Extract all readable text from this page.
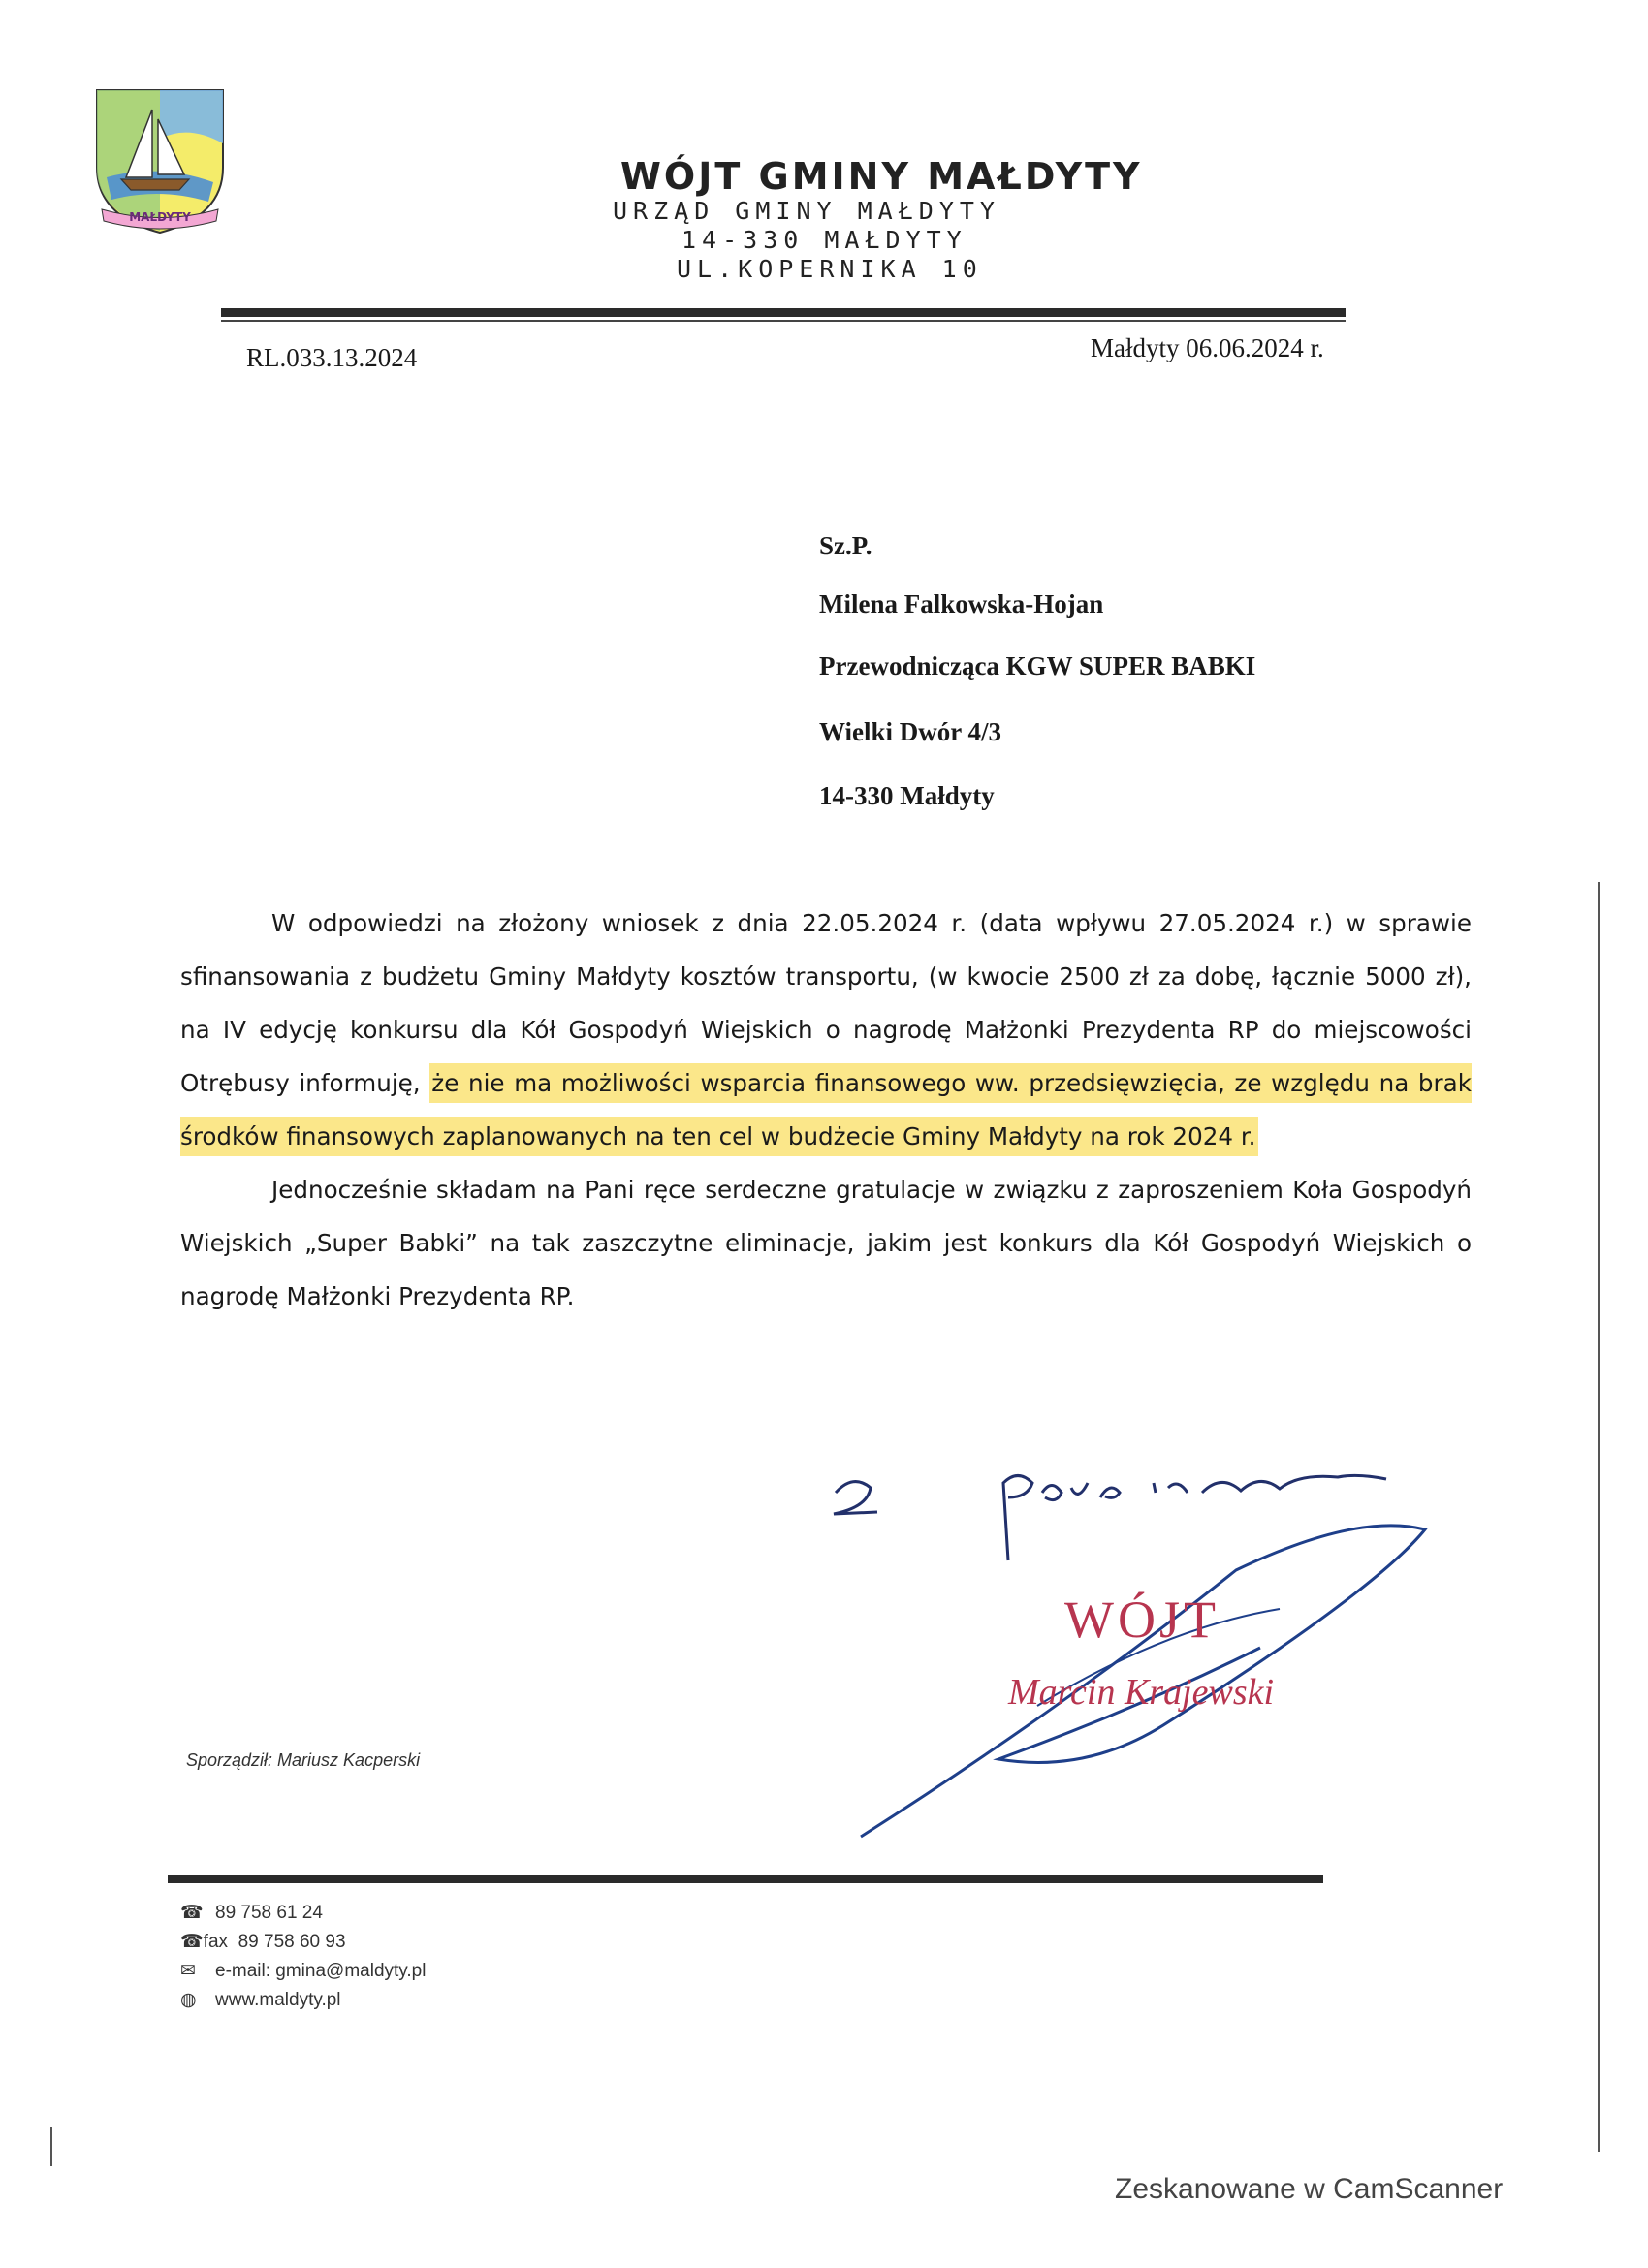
MAŁDYTY
WÓJT GMINY MAŁDYTY
URZĄD GMINY MAŁDYTY
14-330 MAŁDYTY
UL.KOPERNIKA 10
RL.033.13.2024	Małdyty 06.06.2024 r.
Sz.P.
Milena Falkowska-Hojan
Przewodnicząca KGW SUPER BABKI
Wielki Dwór 4/3
14-330 Małdyty

W odpowiedzi na złożony wniosek z dnia 22.05.2024 r. (data wpływu 27.05.2024 r.) w sprawie sfinansowania z budżetu Gminy Małdyty kosztów transportu, (w kwocie 2500 zł za dobę, łącznie 5000 zł), na IV edycję konkursu dla Kół Gospodyń Wiejskich o nagrodę Małżonki Prezydenta RP do miejscowości Otrębusy informuję, że nie ma możliwości wsparcia finansowego ww. przedsięwzięcia, ze względu na brak środków finansowych zaplanowanych na ten cel w budżecie Gminy Małdyty na rok 2024 r.

Jednocześnie składam na Pani ręce serdeczne gratulacje w związku z zaproszeniem Koła Gospodyń Wiejskich „Super Babki” na tak zaszczytne eliminacje, jakim jest konkurs dla Kół Gospodyń Wiejskich o nagrodę Małżonki Prezydenta RP.

WÓJT
Marcin Krajewski
Sporządził: Mariusz Kacperski
☎ 89 758 61 24
☎fax 89 758 60 93
✉ e-mail: gmina@maldyty.pl
◍ www.maldyty.pl
Zeskanowane w CamScanner
